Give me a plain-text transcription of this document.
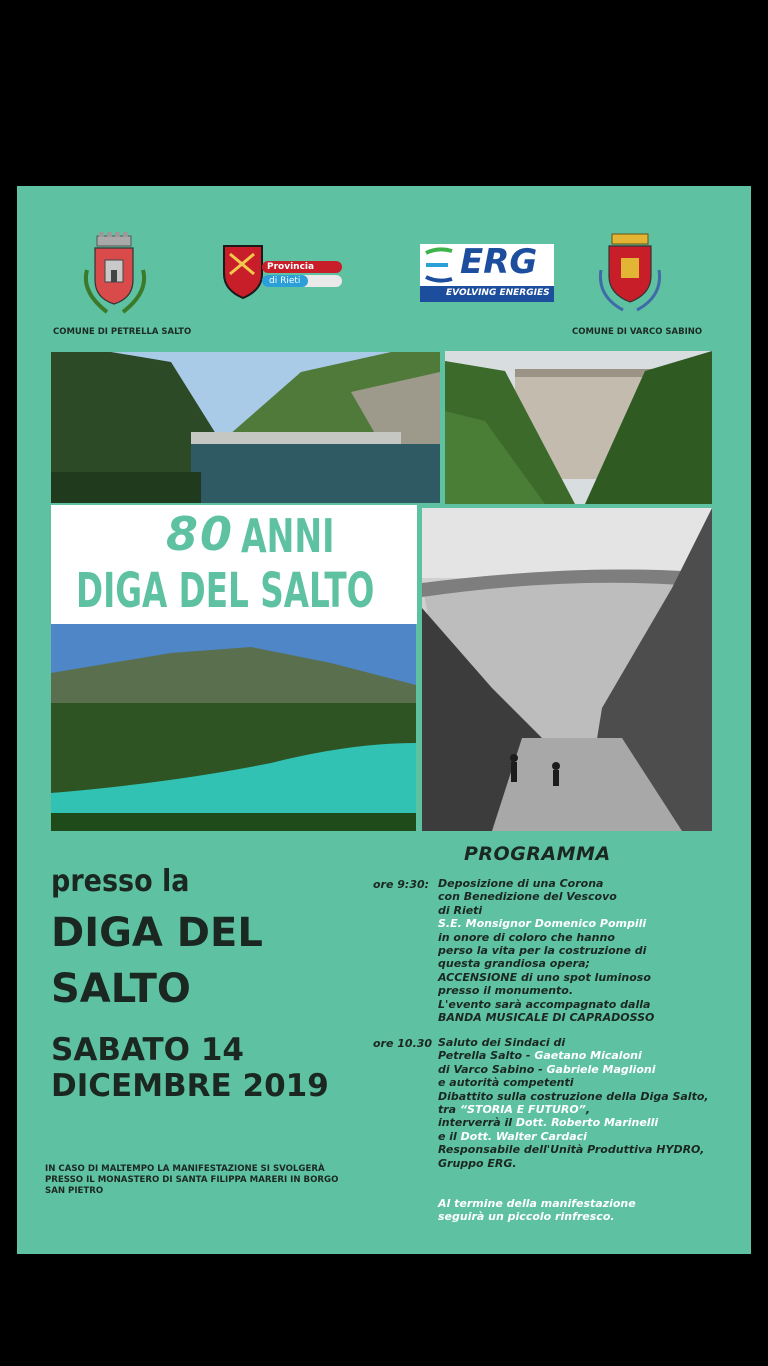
COMUNE DI PETRELLA SALTO
Provincia
di Rieti	ERG
EVOLVING ENERGIES
COMUNE DI VARCO SABINO
80 ANNI
DIGA DEL SALTO
presso la
DIGA DEL
SALTO
SABATO 14
DICEMBRE 2019
IN CASO DI MALTEMPO LA MANIFESTAZIONE SI SVOLGERÀ
PRESSO IL MONASTERO DI SANTA FILIPPA MARERI IN BORGO
SAN PIETRO
PROGRAMMA
ore 9:30: Deposizione di una Corona
con Benedizione del Vescovo
di Rieti
S.E. Monsignor Domenico Pompili
in onore di coloro che hanno
perso la vita per la costruzione di
questa grandiosa opera;
ACCENSIONE di uno spot luminoso
presso il monumento.
L'evento sarà accompagnato dalla
BANDA MUSICALE DI CAPRADOSSO
ore 10.30 Saluto dei Sindaci di
Petrella Salto - Gaetano Micaloni
di Varco Sabino - Gabriele Maglioni
e autorità competenti
Dibattito sulla costruzione della Diga Salto,
tra “STORIA E FUTURO”,
interverrà il Dott. Roberto Marinelli
e il Dott. Walter Cardaci
Responsabile dell'Unità Produttiva HYDRO,
Gruppo ERG.
Al termine della manifestazione
seguirà un piccolo rinfresco.
